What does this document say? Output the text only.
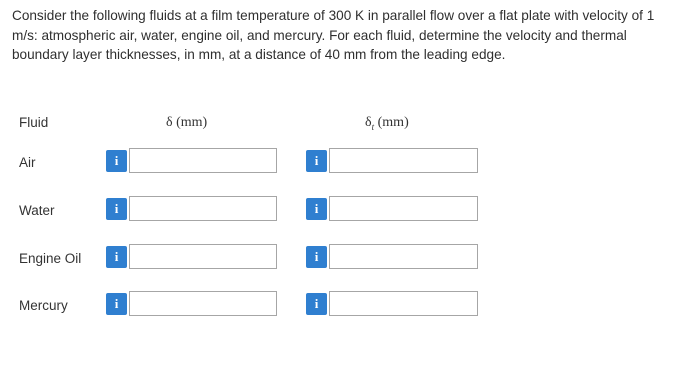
Consider the following fluids at a film temperature of 300 K in parallel flow over a flat plate with velocity of 1 m/s: atmospheric air, water, engine oil, and mercury. For each fluid, determine the velocity and thermal boundary layer thicknesses, in mm, at a distance of 40 mm from the leading edge.
Fluid	δ (mm)	$\delta_t$ (mm)
Air	i	i
Water	i	i
Engine Oil	i	i
Mercury	i	i
